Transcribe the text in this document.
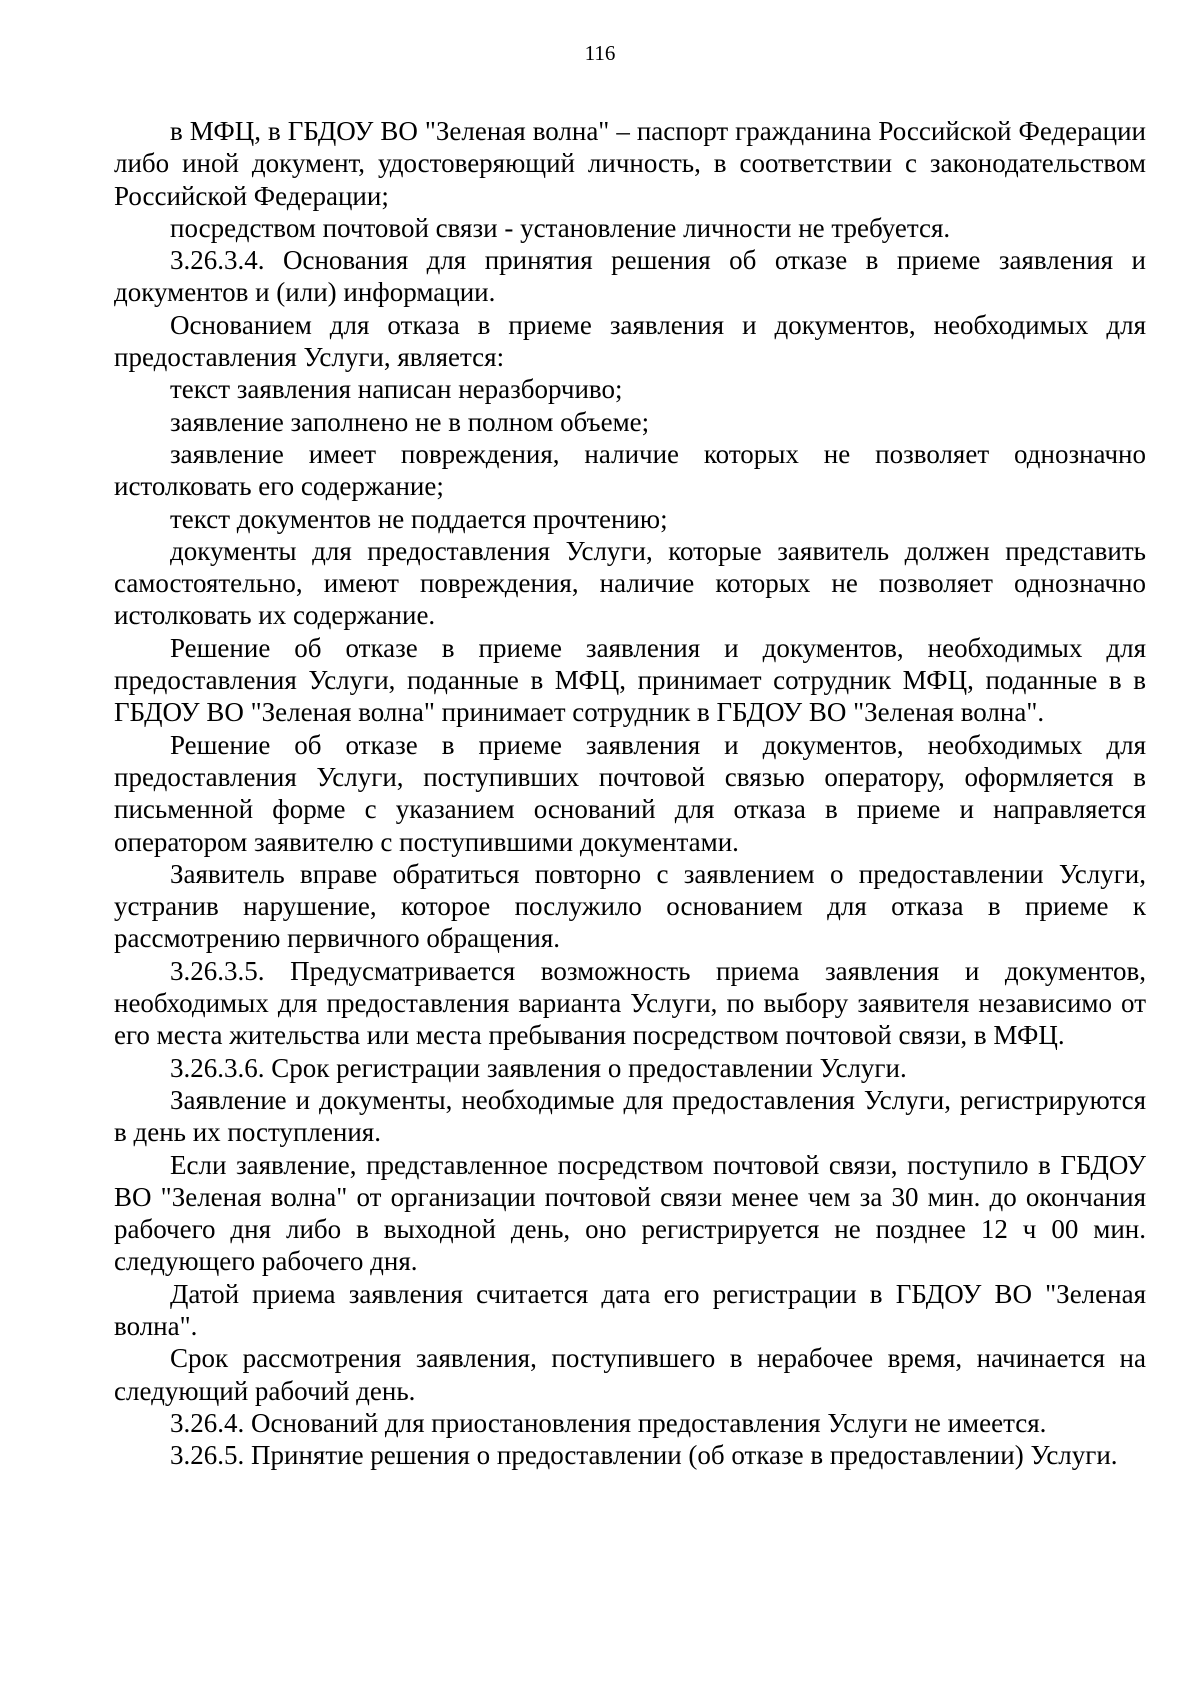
116

в МФЦ, в ГБДОУ ВО "Зеленая волна" – паспорт гражданина Российской Федерации либо иной документ, удостоверяющий личность, в соответствии с законодательством Российской Федерации;

посредством почтовой связи - установление личности не требуется.

3.26.3.4. Основания для принятия решения об отказе в приеме заявления и документов и (или) информации.

Основанием для отказа в приеме заявления и документов, необходимых для предоставления Услуги, является:

текст заявления написан неразборчиво;

заявление заполнено не в полном объеме;

заявление имеет повреждения, наличие которых не позволяет однозначно истолковать его содержание;

текст документов не поддается прочтению;

документы для предоставления Услуги, которые заявитель должен представить самостоятельно, имеют повреждения, наличие которых не позволяет однозначно истолковать их содержание.

Решение об отказе в приеме заявления и документов, необходимых для предоставления Услуги, поданные в МФЦ, принимает сотрудник МФЦ, поданные в в ГБДОУ ВО "Зеленая волна" принимает сотрудник в ГБДОУ ВО "Зеленая волна".

Решение об отказе в приеме заявления и документов, необходимых для предоставления Услуги, поступивших почтовой связью оператору, оформляется в письменной форме с указанием оснований для отказа в приеме и направляется оператором заявителю с поступившими документами.

Заявитель вправе обратиться повторно с заявлением о предоставлении Услуги, устранив нарушение, которое послужило основанием для отказа в приеме к рассмотрению первичного обращения.

3.26.3.5. Предусматривается возможность приема заявления и документов, необходимых для предоставления варианта Услуги, по выбору заявителя независимо от его места жительства или места пребывания посредством почтовой связи, в МФЦ.

3.26.3.6. Срок регистрации заявления о предоставлении Услуги.

Заявление и документы, необходимые для предоставления Услуги, регистрируются в день их поступления.

Если заявление, представленное посредством почтовой связи, поступило в ГБДОУ ВО "Зеленая волна" от организации почтовой связи менее чем за 30 мин. до окончания рабочего дня либо в выходной день, оно регистрируется не позднее 12 ч 00 мин. следующего рабочего дня.

Датой приема заявления считается дата его регистрации в ГБДОУ ВО "Зеленая волна".

Срок рассмотрения заявления, поступившего в нерабочее время, начинается на следующий рабочий день.

3.26.4. Оснований для приостановления предоставления Услуги не имеется.

3.26.5. Принятие решения о предоставлении (об отказе в предоставлении) Услуги.
